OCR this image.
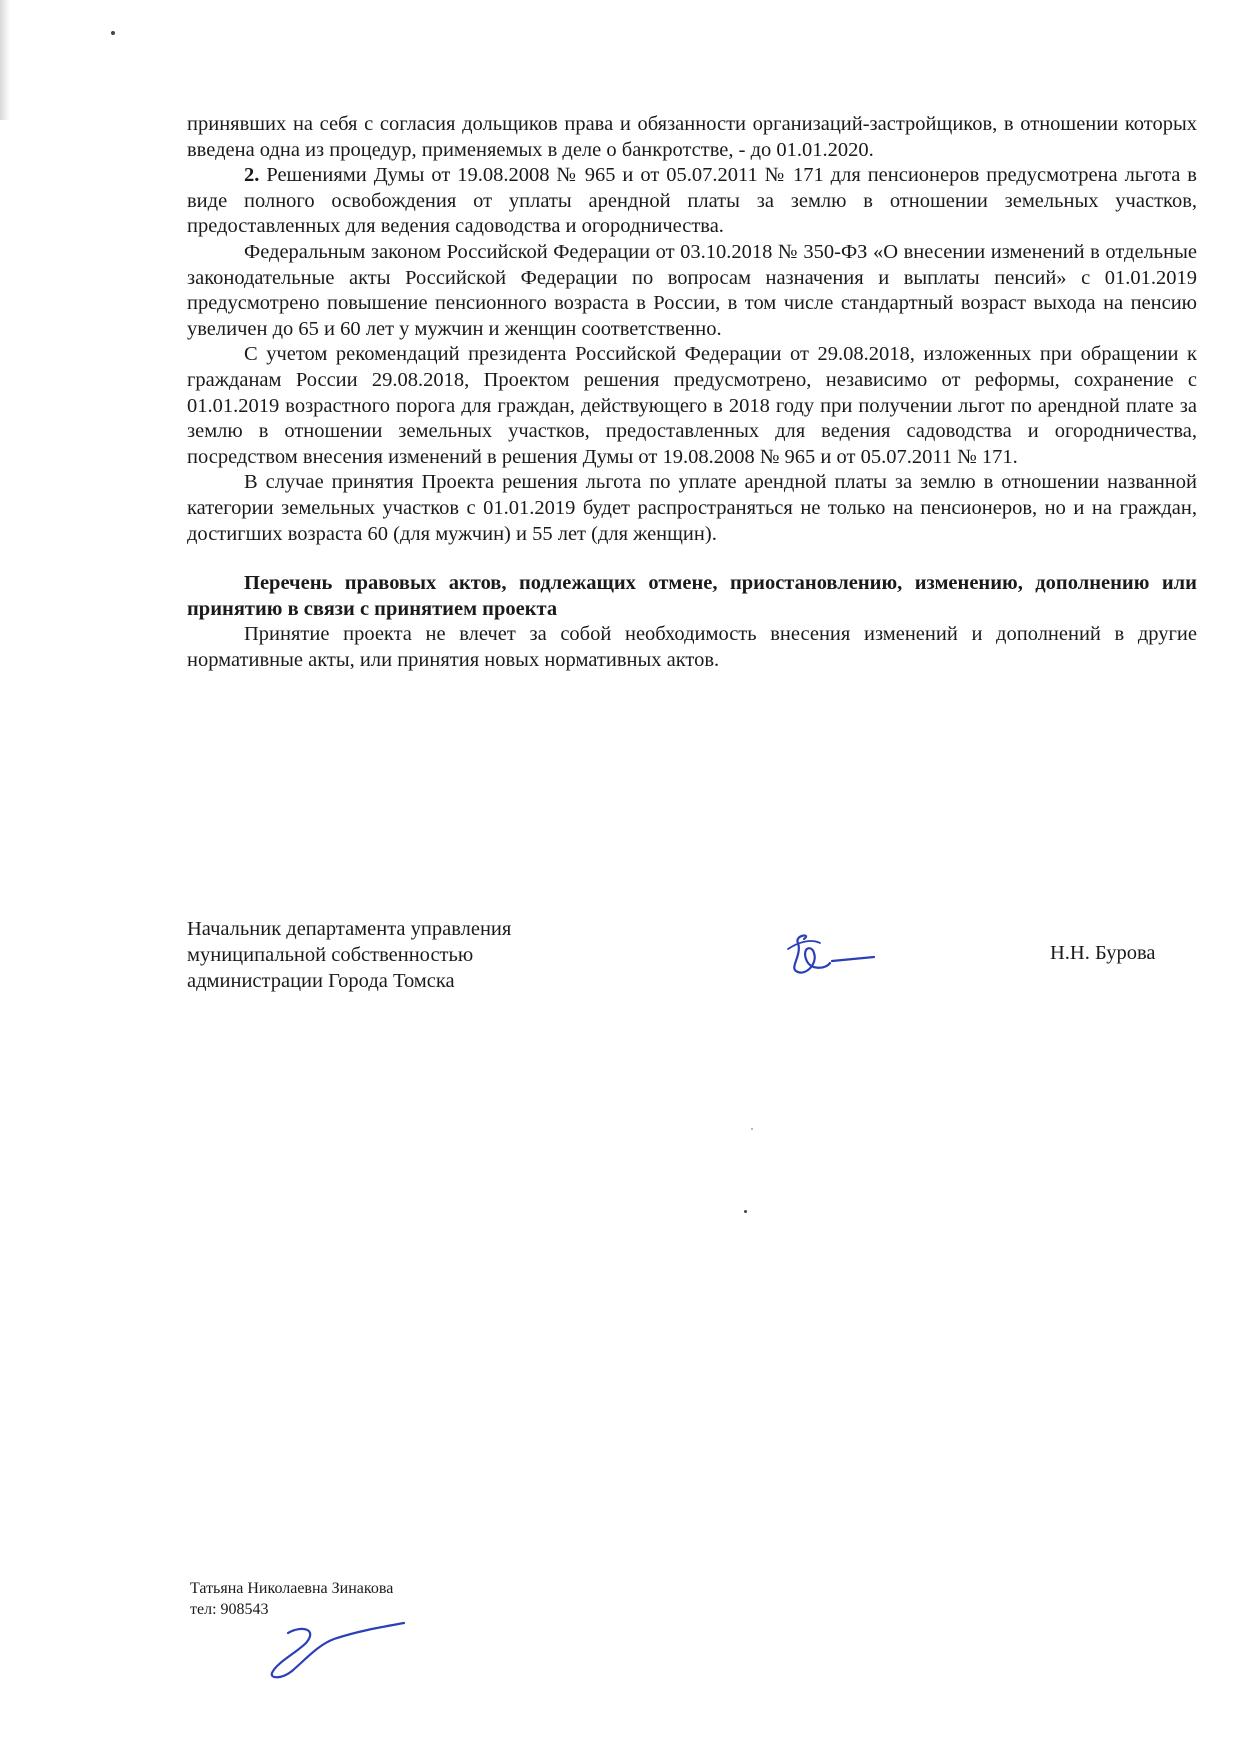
принявших на себя с согласия дольщиков права и обязанности организаций-застройщиков, в отношении которых введена одна из процедур, применяемых в деле о банкротстве, - до 01.01.2020.

2. Решениями Думы от 19.08.2008 № 965 и от 05.07.2011 № 171 для пенсионеров предусмотрена льгота в виде полного освобождения от уплаты арендной платы за землю в отношении земельных участков, предоставленных для ведения садоводства и огородничества.

Федеральным законом Российской Федерации от 03.10.2018 № 350-ФЗ «О внесении изменений в отдельные законодательные акты Российской Федерации по вопросам назначения и выплаты пенсий» с 01.01.2019 предусмотрено повышение пенсионного возраста в России, в том числе стандартный возраст выхода на пенсию увеличен до 65 и 60 лет у мужчин и женщин соответственно.

С учетом рекомендаций президента Российской Федерации от 29.08.2018, изложенных при обращении к гражданам России 29.08.2018, Проектом решения предусмотрено, независимо от реформы, сохранение с 01.01.2019 возрастного порога для граждан, действующего в 2018 году при получении льгот по арендной плате за землю в отношении земельных участков, предоставленных для ведения садоводства и огородничества, посредством внесения изменений в решения Думы от 19.08.2008 № 965 и от 05.07.2011 № 171.

В случае принятия Проекта решения льгота по уплате арендной платы за землю в отношении названной категории земельных участков с 01.01.2019 будет распространяться не только на пенсионеров, но и на граждан, достигших возраста 60 (для мужчин) и 55 лет (для женщин).

Перечень правовых актов, подлежащих отмене, приостановлению, изменению, дополнению или принятию в связи с принятием проекта

Принятие проекта не влечет за собой необходимость внесения изменений и дополнений в другие нормативные акты, или принятия новых нормативных актов.

Начальник департамента управления
муниципальной собственностью
администрации Города Томска
Н.Н. Бурова
Татьяна Николаевна Зинакова
тел: 908543
